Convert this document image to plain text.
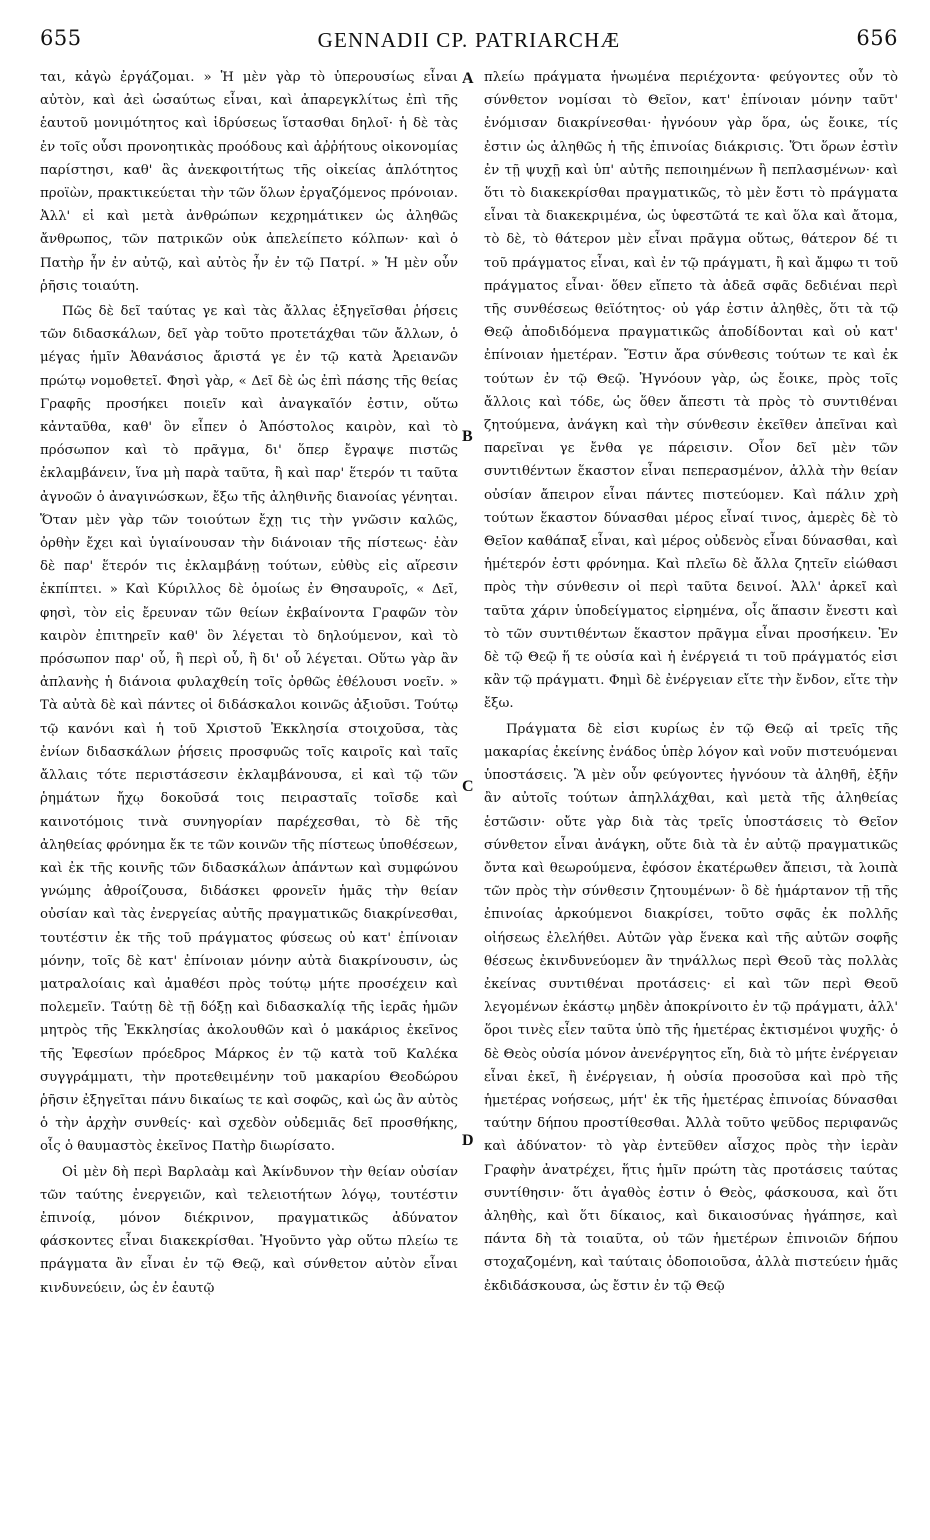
655	GENNADII CP. PATRIARCHÆ	656

ται, κἀγὼ ἐργάζομαι. » Ἡ μὲν γὰρ τὸ ὑπερουσίως εἶναι αὐτὸν, καὶ ἀεὶ ὡσαύτως εἶναι, καὶ ἀπαρεγκλίτως ἐπὶ τῆς ἑαυτοῦ μονιμότητος καὶ ἱδρύσεως ἵστασθαι δηλοῖ· ἡ δὲ τὰς ἐν τοῖς οὖσι προνοητικὰς προόδους καὶ ἀῤῥήτους οἰκονομίας παρίστησι, καθ' ἃς ἀνεκφοιτήτως τῆς οἰκείας ἁπλότητος προϊὼν, πρακτικεύεται τὴν τῶν ὅλων ἐργαζόμενος πρόνοιαν. Ἀλλ' εἰ καὶ μετὰ ἀνθρώπων κεχρημάτικεν ὡς ἀληθῶς ἄνθρωπος, τῶν πατρικῶν οὐκ ἀπελείπετο κόλπων· καὶ ὁ Πατὴρ ἦν ἐν αὐτῷ, καὶ αὐτὸς ἦν ἐν τῷ Πατρί. » Ἡ μὲν οὖν ῥῆσις τοιαύτη.

Πῶς δὲ δεῖ ταύτας γε καὶ τὰς ἄλλας ἐξηγεῖσθαι ῥήσεις τῶν διδασκάλων, δεῖ γὰρ τοῦτο προτετάχθαι τῶν ἄλλων, ὁ μέγας ἡμῖν Ἀθανάσιος ἄριστά γε ἐν τῷ κατὰ Ἀρειανῶν πρώτῳ νομοθετεῖ. Φησὶ γὰρ, « Δεῖ δὲ ὡς ἐπὶ πάσης τῆς θείας Γραφῆς προσήκει ποιεῖν καὶ ἀναγκαῖόν ἐστιν, οὕτω κἀνταῦθα, καθ' ὃν εἶπεν ὁ Ἀπόστολος καιρὸν, καὶ τὸ πρόσωπον καὶ τὸ πρᾶγμα, δι' ὅπερ ἔγραψε πιστῶς ἐκλαμβάνειν, ἵνα μὴ παρὰ ταῦτα, ἢ καὶ παρ' ἕτερόν τι ταῦτα ἀγνοῶν ὁ ἀναγινώσκων, ἔξω τῆς ἀληθινῆς διανοίας γένηται. Ὅταν μὲν γὰρ τῶν τοιούτων ἔχῃ τις τὴν γνῶσιν καλῶς, ὀρθὴν ἔχει καὶ ὑγιαίνουσαν τὴν διάνοιαν τῆς πίστεως· ἐὰν δὲ παρ' ἕτερόν τις ἐκλαμβάνῃ τούτων, εὐθὺς εἰς αἵρεσιν ἐκπίπτει. » Καὶ Κύριλλος δὲ ὁμοίως ἐν Θησαυροῖς, « Δεῖ, φησὶ, τὸν εἰς ἔρευναν τῶν θείων ἐκβαίνοντα Γραφῶν τὸν καιρὸν ἐπιτηρεῖν καθ' ὃν λέγεται τὸ δηλούμενον, καὶ τὸ πρόσωπον παρ' οὗ, ἢ περὶ οὗ, ἢ δι' οὗ λέγεται. Οὕτω γὰρ ἂν ἀπλανὴς ἡ διάνοια φυλαχθείη τοῖς ὀρθῶς ἐθέλουσι νοεῖν. » Τὰ αὐτὰ δὲ καὶ πάντες οἱ διδάσκαλοι κοινῶς ἀξιοῦσι. Τούτῳ τῷ κανόνι καὶ ἡ τοῦ Χριστοῦ Ἐκκλησία στοιχοῦσα, τὰς ἐνίων διδασκάλων ῥήσεις προσφυῶς τοῖς καιροῖς καὶ ταῖς ἄλλαις τότε περιστάσεσιν ἐκλαμβάνουσα, εἰ καὶ τῷ τῶν ῥημάτων ἤχῳ δοκοῦσά τοις πειρασταῖς τοῖσδε καὶ καινοτόμοις τινὰ συνηγορίαν παρέχεσθαι, τὸ δὲ τῆς ἀληθείας φρόνημα ἔκ τε τῶν κοινῶν τῆς πίστεως ὑποθέσεων, καὶ ἐκ τῆς κοινῆς τῶν διδασκάλων ἁπάντων καὶ συμφώνου γνώμης ἀθροίζουσα, διδάσκει φρονεῖν ἡμᾶς τὴν θείαν οὐσίαν καὶ τὰς ἐνεργείας αὐτῆς πραγματικῶς διακρίνεσθαι, τουτέστιν ἐκ τῆς τοῦ πράγματος φύσεως οὐ κατ' ἐπίνοιαν μόνην, τοῖς δὲ κατ' ἐπίνοιαν μόνην αὐτὰ διακρίνουσιν, ὡς ματραλοίαις καὶ ἀμαθέσι πρὸς τούτῳ μήτε προσέχειν καὶ πολεμεῖν. Ταύτῃ δὲ τῇ δόξῃ καὶ διδασκαλίᾳ τῆς ἱερᾶς ἡμῶν μητρὸς τῆς Ἐκκλησίας ἀκολουθῶν καὶ ὁ μακάριος ἐκεῖνος τῆς Ἐφεσίων πρόεδρος Μάρκος ἐν τῷ κατὰ τοῦ Καλέκα συγγράμματι, τὴν προτεθειμένην τοῦ μακαρίου Θεοδώρου ῥῆσιν ἐξηγεῖται πάνυ δικαίως τε καὶ σοφῶς, καὶ ὡς ἂν αὐτὸς ὁ τὴν ἀρχὴν συνθείς· καὶ σχεδὸν οὐδεμιᾶς δεῖ προσθήκης, οἷς ὁ θαυμαστὸς ἐκεῖνος Πατὴρ διωρίσατο.

Οἱ μὲν δὴ περὶ Βαρλαὰμ καὶ Ἀκίνδυνον τὴν θείαν οὐσίαν τῶν ταύτης ἐνεργειῶν, καὶ τελειοτήτων λόγῳ, τουτέστιν ἐπινοίᾳ, μόνον διέκρινον, πραγματικῶς ἀδύνατον φάσκοντες εἶναι διακεκρίσθαι. Ἡγοῦντο γὰρ οὕτω πλείω τε πράγματα ἂν εἶναι ἐν τῷ Θεῷ, καὶ σύνθετον αὐτὸν εἶναι κινδυνεύειν, ὡς ἐν ἑαυτῷ

A
B
C
D

πλείω πράγματα ἡνωμένα περιέχοντα· φεύγοντες οὖν τὸ σύνθετον νομίσαι τὸ Θεῖον, κατ' ἐπίνοιαν μόνην ταῦτ' ἐνόμισαν διακρίνεσθαι· ἠγνόουν γὰρ ὅρα, ὡς ἔοικε, τίς ἐστιν ὡς ἀληθῶς ἡ τῆς ἐπινοίας διάκρισις. Ὅτι ὅρων ἐστὶν ἐν τῇ ψυχῇ καὶ ὑπ' αὐτῆς πεποιημένων ἢ πεπλασμένων· καὶ ὅτι τὸ διακεκρίσθαι πραγματικῶς, τὸ μὲν ἔστι τὸ πράγματα εἶναι τὰ διακεκριμένα, ὡς ὑφεστῶτά τε καὶ ὅλα καὶ ἄτομα, τὸ δὲ, τὸ θάτερον μὲν εἶναι πρᾶγμα οὕτως, θάτερον δέ τι τοῦ πράγματος εἶναι, καὶ ἐν τῷ πράγματι, ἢ καὶ ἄμφω τι τοῦ πράγματος εἶναι· ὅθεν εἴπετο τὰ ἀδεᾶ σφᾶς δεδιέναι περὶ τῆς συνθέσεως θεϊότητος· οὐ γάρ ἐστιν ἀληθὲς, ὅτι τὰ τῷ Θεῷ ἀποδιδόμενα πραγματικῶς ἀποδίδονται καὶ οὐ κατ' ἐπίνοιαν ἡμετέραν. Ἔστιν ἄρα σύνθεσις τούτων τε καὶ ἐκ τούτων ἐν τῷ Θεῷ. Ἠγνόουν γὰρ, ὡς ἔοικε, πρὸς τοῖς ἄλλοις καὶ τόδε, ὡς ὅθεν ἄπεστι τὰ πρὸς τὸ συντιθέναι ζητούμενα, ἀνάγκη καὶ τὴν σύνθεσιν ἐκεῖθεν ἀπεῖναι καὶ παρεῖναι γε ἔνθα γε πάρεισιν. Οἷον δεῖ μὲν τῶν συντιθέντων ἕκαστον εἶναι πεπερασμένον, ἀλλὰ τὴν θείαν οὐσίαν ἄπειρον εἶναι πάντες πιστεύομεν. Καὶ πάλιν χρὴ τούτων ἕκαστον δύνασθαι μέρος εἶναί τινος, ἀμερὲς δὲ τὸ Θεῖον καθάπαξ εἶναι, καὶ μέρος οὐδενὸς εἶναι δύνασθαι, καὶ ἡμέτερόν ἐστι φρόνημα. Καὶ πλεῖω δὲ ἄλλα ζητεῖν εἰώθασι πρὸς τὴν σύνθεσιν οἱ περὶ ταῦτα δεινοί. Ἀλλ' ἀρκεῖ καὶ ταῦτα χάριν ὑποδείγματος εἰρημένα, οἷς ἅπασιν ἔνεστι καὶ τὸ τῶν συντιθέντων ἕκαστον πρᾶγμα εἶναι προσήκειν. Ἐν δὲ τῷ Θεῷ ἥ τε οὐσία καὶ ἡ ἐνέργειά τι τοῦ πράγματός εἰσι κἂν τῷ πράγματι. Φημὶ δὲ ἐνέργειαν εἴτε τὴν ἔνδον, εἴτε τὴν ἔξω.

Πράγματα δὲ εἰσι κυρίως ἐν τῷ Θεῷ αἱ τρεῖς τῆς μακαρίας ἐκείνης ἐνάδος ὑπὲρ λόγον καὶ νοῦν πιστευόμεναι ὑποστάσεις. Ἃ μὲν οὖν φεύγοντες ἠγνόουν τὰ ἀληθῆ, ἐξῆν ἂν αὐτοῖς τούτων ἀπηλλάχθαι, καὶ μετὰ τῆς ἀληθείας ἑστῶσιν· οὔτε γὰρ διὰ τὰς τρεῖς ὑποστάσεις τὸ Θεῖον σύνθετον εἶναι ἀνάγκη, οὔτε διὰ τὰ ἐν αὐτῷ πραγματικῶς ὄντα καὶ θεωρούμενα, ἐφόσον ἑκατέρωθεν ἄπεισι, τὰ λοιπὰ τῶν πρὸς τὴν σύνθεσιν ζητουμένων· ὃ δὲ ἡμάρτανον τῇ τῆς ἐπινοίας ἀρκούμενοι διακρίσει, τοῦτο σφᾶς ἐκ πολλῆς οἰήσεως ἐλελήθει. Αὐτῶν γὰρ ἕνεκα καὶ τῆς αὐτῶν σοφῆς θέσεως ἐκινδυνεύομεν ἂν τηνάλλως περὶ Θεοῦ τὰς πολλὰς ἐκείνας συντιθέναι προτάσεις· εἰ καὶ τῶν περὶ Θεοῦ λεγομένων ἑκάστῳ μηδὲν ἀποκρίνοιτο ἐν τῷ πράγματι, ἀλλ' ὅροι τινὲς εἶεν ταῦτα ὑπὸ τῆς ἡμετέρας ἐκτισμένοι ψυχῆς· ὁ δὲ Θεὸς οὐσία μόνον ἀνενέργητος εἴη, διὰ τὸ μήτε ἐνέργειαν εἶναι ἐκεῖ, ἢ ἐνέργειαν, ἡ οὐσία προσοῦσα καὶ πρὸ τῆς ἡμετέρας νοήσεως, μήτ' ἐκ τῆς ἡμετέρας ἐπινοίας δύνασθαι ταύτην δήπου προστίθεσθαι. Ἀλλὰ τοῦτο ψεῦδος περιφανῶς καὶ ἀδύνατον· τὸ γὰρ ἐντεῦθεν αἶσχος πρὸς τὴν ἱερὰν Γραφὴν ἀνατρέχει, ἥτις ἡμῖν πρώτη τὰς προτάσεις ταύτας συντίθησιν· ὅτι ἀγαθὸς ἐστιν ὁ Θεὸς, φάσκουσα, καὶ ὅτι ἀληθὴς, καὶ ὅτι δίκαιος, καὶ δικαιοσύνας ἠγάπησε, καὶ πάντα δὴ τὰ τοιαῦτα, οὐ τῶν ἡμετέρων ἐπινοιῶν δήπου στοχαζομένη, καὶ ταύταις ὁδοποιοῦσα, ἀλλὰ πιστεύειν ἡμᾶς ἐκδιδάσκουσα, ὡς ἔστιν ἐν τῷ Θεῷ
